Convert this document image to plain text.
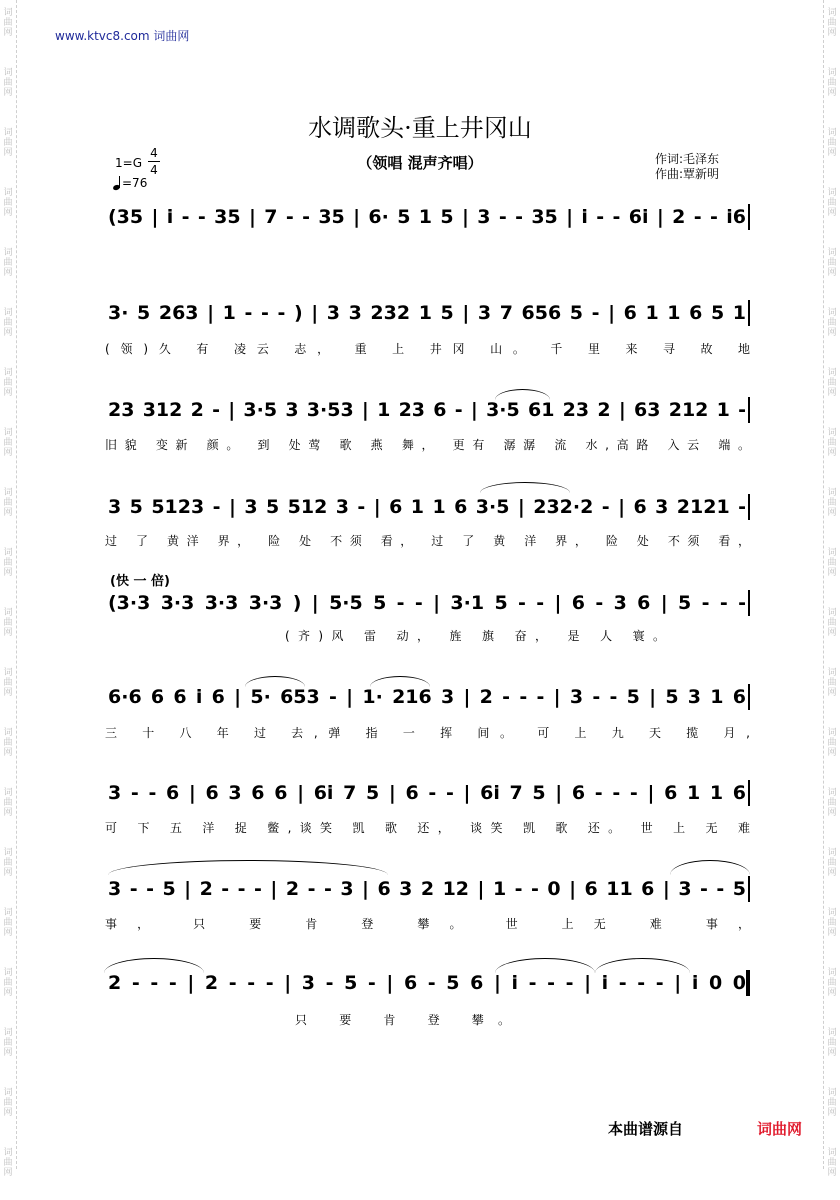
词曲网
词曲网
词曲网
词曲网
词曲网
词曲网
词曲网
词曲网
词曲网
词曲网
词曲网
词曲网
词曲网
词曲网
词曲网
词曲网
词曲网
词曲网
词曲网
词曲网
词曲网
词曲网
词曲网
词曲网
词曲网
词曲网
词曲网
词曲网
词曲网
词曲网
词曲网
词曲网
词曲网
词曲网
词曲网
词曲网
词曲网
词曲网
词曲网
词曲网
www.ktvc8.com 词曲网
水调歌头·重上井冈山
（领唱 混声齐唱）
1=G
4
4
=76
作词:毛泽东
作曲:覃新明

(35 | i - - 35 | 7 - - 35 | 6· 5 1 5 | 3 - - 35 | i - - 6i | 2 - - i6

3· 5 263 | 1 - - - ) | 3 3 232 1 5 | 3 7 656 5 - | 6 1 1 6 5 1

(领)久 有 凌云 志， 重 上 井冈 山。 千 里 来 寻 故 地

23 312 2 - | 3·5 3 3·53 | 1 23 6 - | 3·5 61 23 2 | 63 212 1 -

旧貌 变新 颜。 到 处莺 歌 燕 舞， 更有 潺潺 流 水,高路 入云 端。

3 5 5123 - | 3 5 512 3 - | 6 1 1 6 3·5 | 232·2 - | 6 3 2121 -

过 了 黄洋 界， 险 处 不须 看， 过 了 黄 洋 界， 险 处 不须 看，
(快 一 倍)

(3·3 3·3 3·3 3·3 ) | 5·5 5 - - | 3·1 5 - - | 6 - 3 6 | 5 - - -

(齐)风 雷 动， 旌 旗 奋， 是 人 寰。

6·6 6 6 i 6 | 5· 653 - | 1· 216 3 | 2 - - - | 3 - - 5 | 5 3 1 6

三 十 八 年 过 去,弹 指 一 挥 间。 可 上 九 天 揽 月,

3 - - 6 | 6 3 6 6 | 6i 7 5 | 6 - - | 6i 7 5 | 6 - - - | 6 1 1 6

可 下 五 洋 捉 鳖,谈笑 凯 歌 还， 谈笑 凯 歌 还。 世 上 无 难

3 - - 5 | 2 - - - | 2 - - 3 | 6 3 2 12 | 1 - - 0 | 6 11 6 | 3 - - 5

事， 只 要 肯 登 攀。 世 上无 难 事，

2 - - - | 2 - - - | 3 - 5 - | 6 - 5 6 | i - - - | i - - - | i 0 0

只 要 肯 登 攀。
本曲谱源自	词曲网
